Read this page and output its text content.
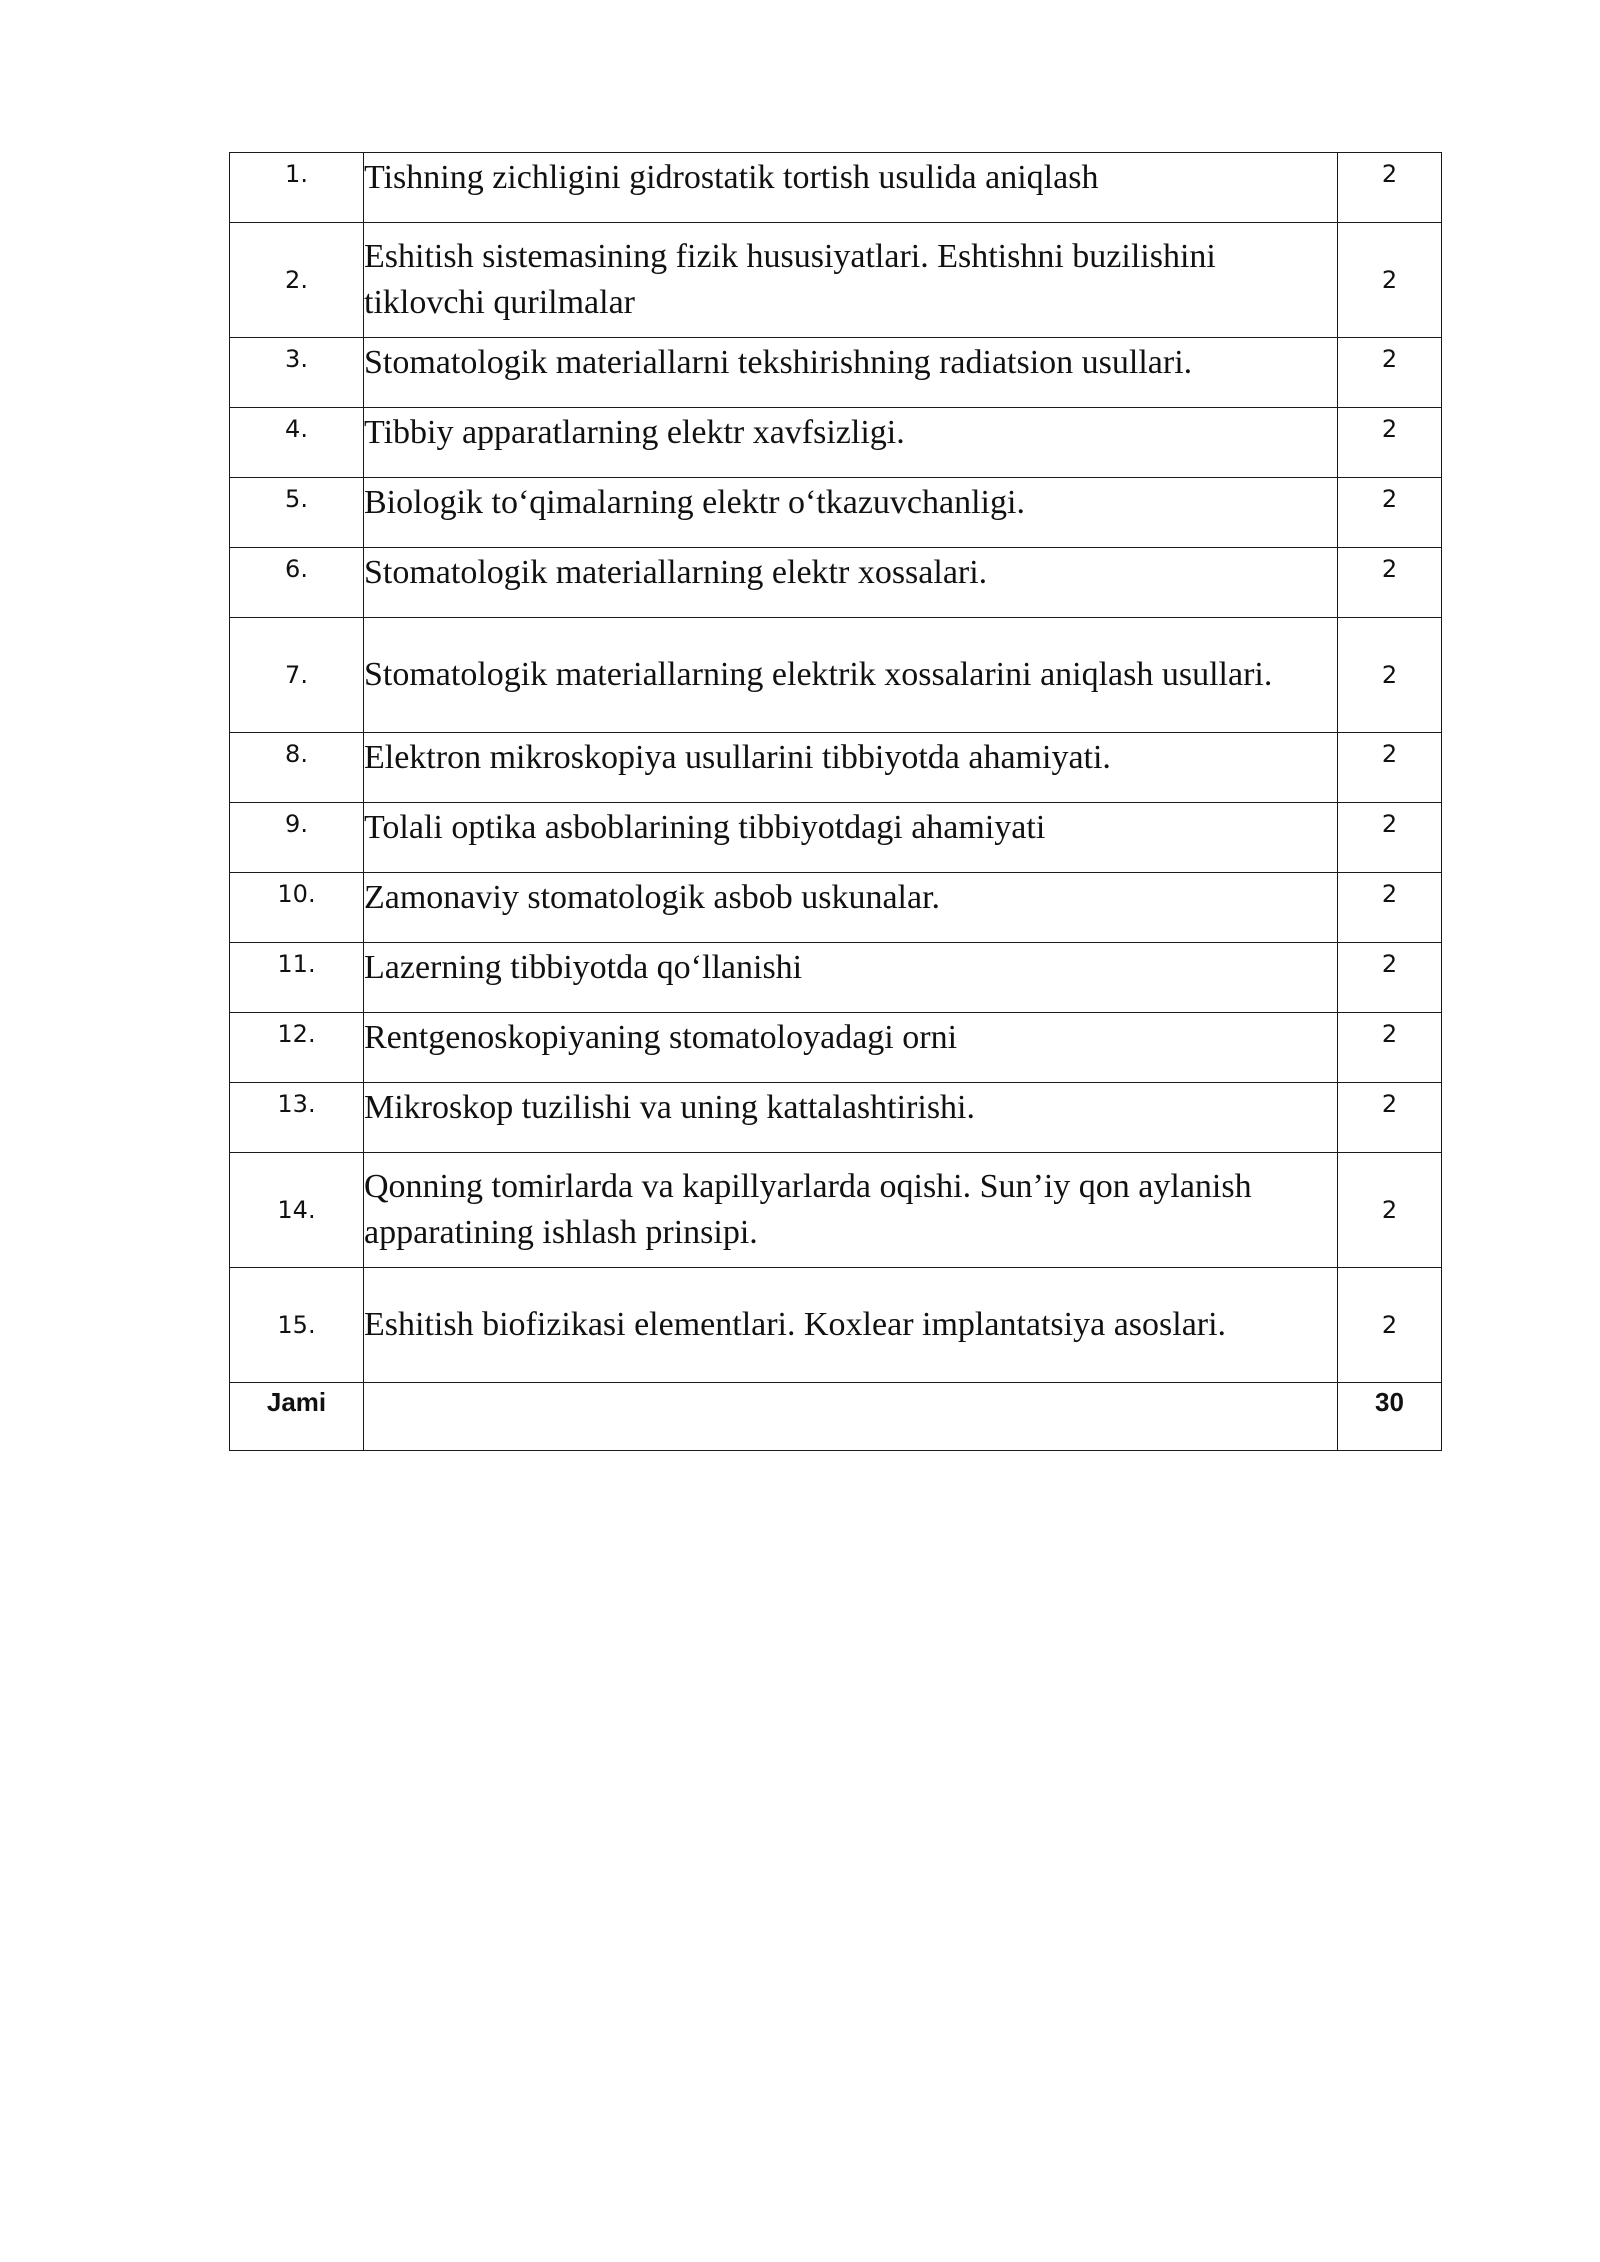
1.	Tishning zichligini gidrostatik tortish usulida aniqlash	2
2.	Eshitish sistemasining fizik hususiyatlari. Eshtishni buzilishini tiklovchi qurilmalar	2
3.	Stomatologik materiallarni tekshirishning radiatsion usullari.	2
4.	Tibbiy apparatlarning elektr xavfsizligi.	2
5.	Biologik to‘qimalarning elektr o‘tkazuvchanligi.	2
6.	Stomatologik materiallarning elektr xossalari.	2
7.	Stomatologik materiallarning elektrik xossalarini aniqlash usullari.	2
8.	Elektron mikroskopiya usullarini tibbiyotda ahamiyati.	2
9.	Tolali optika asboblarining tibbiyotdagi ahamiyati	2
10.	Zamonaviy stomatologik asbob uskunalar.	2
11.	Lazerning tibbiyotda qo‘llanishi	2
12.	Rentgenoskopiyaning stomatoloyadagi orni	2
13.	Mikroskop tuzilishi va uning kattalashtirishi.	2
14.	Qonning tomirlarda va kapillyarlarda oqishi. Sun’iy qon aylanish apparatining ishlash prinsipi.	2
15.	Eshitish biofizikasi elementlari. Koxlear implantatsiya asoslari.	2
Jami		30
